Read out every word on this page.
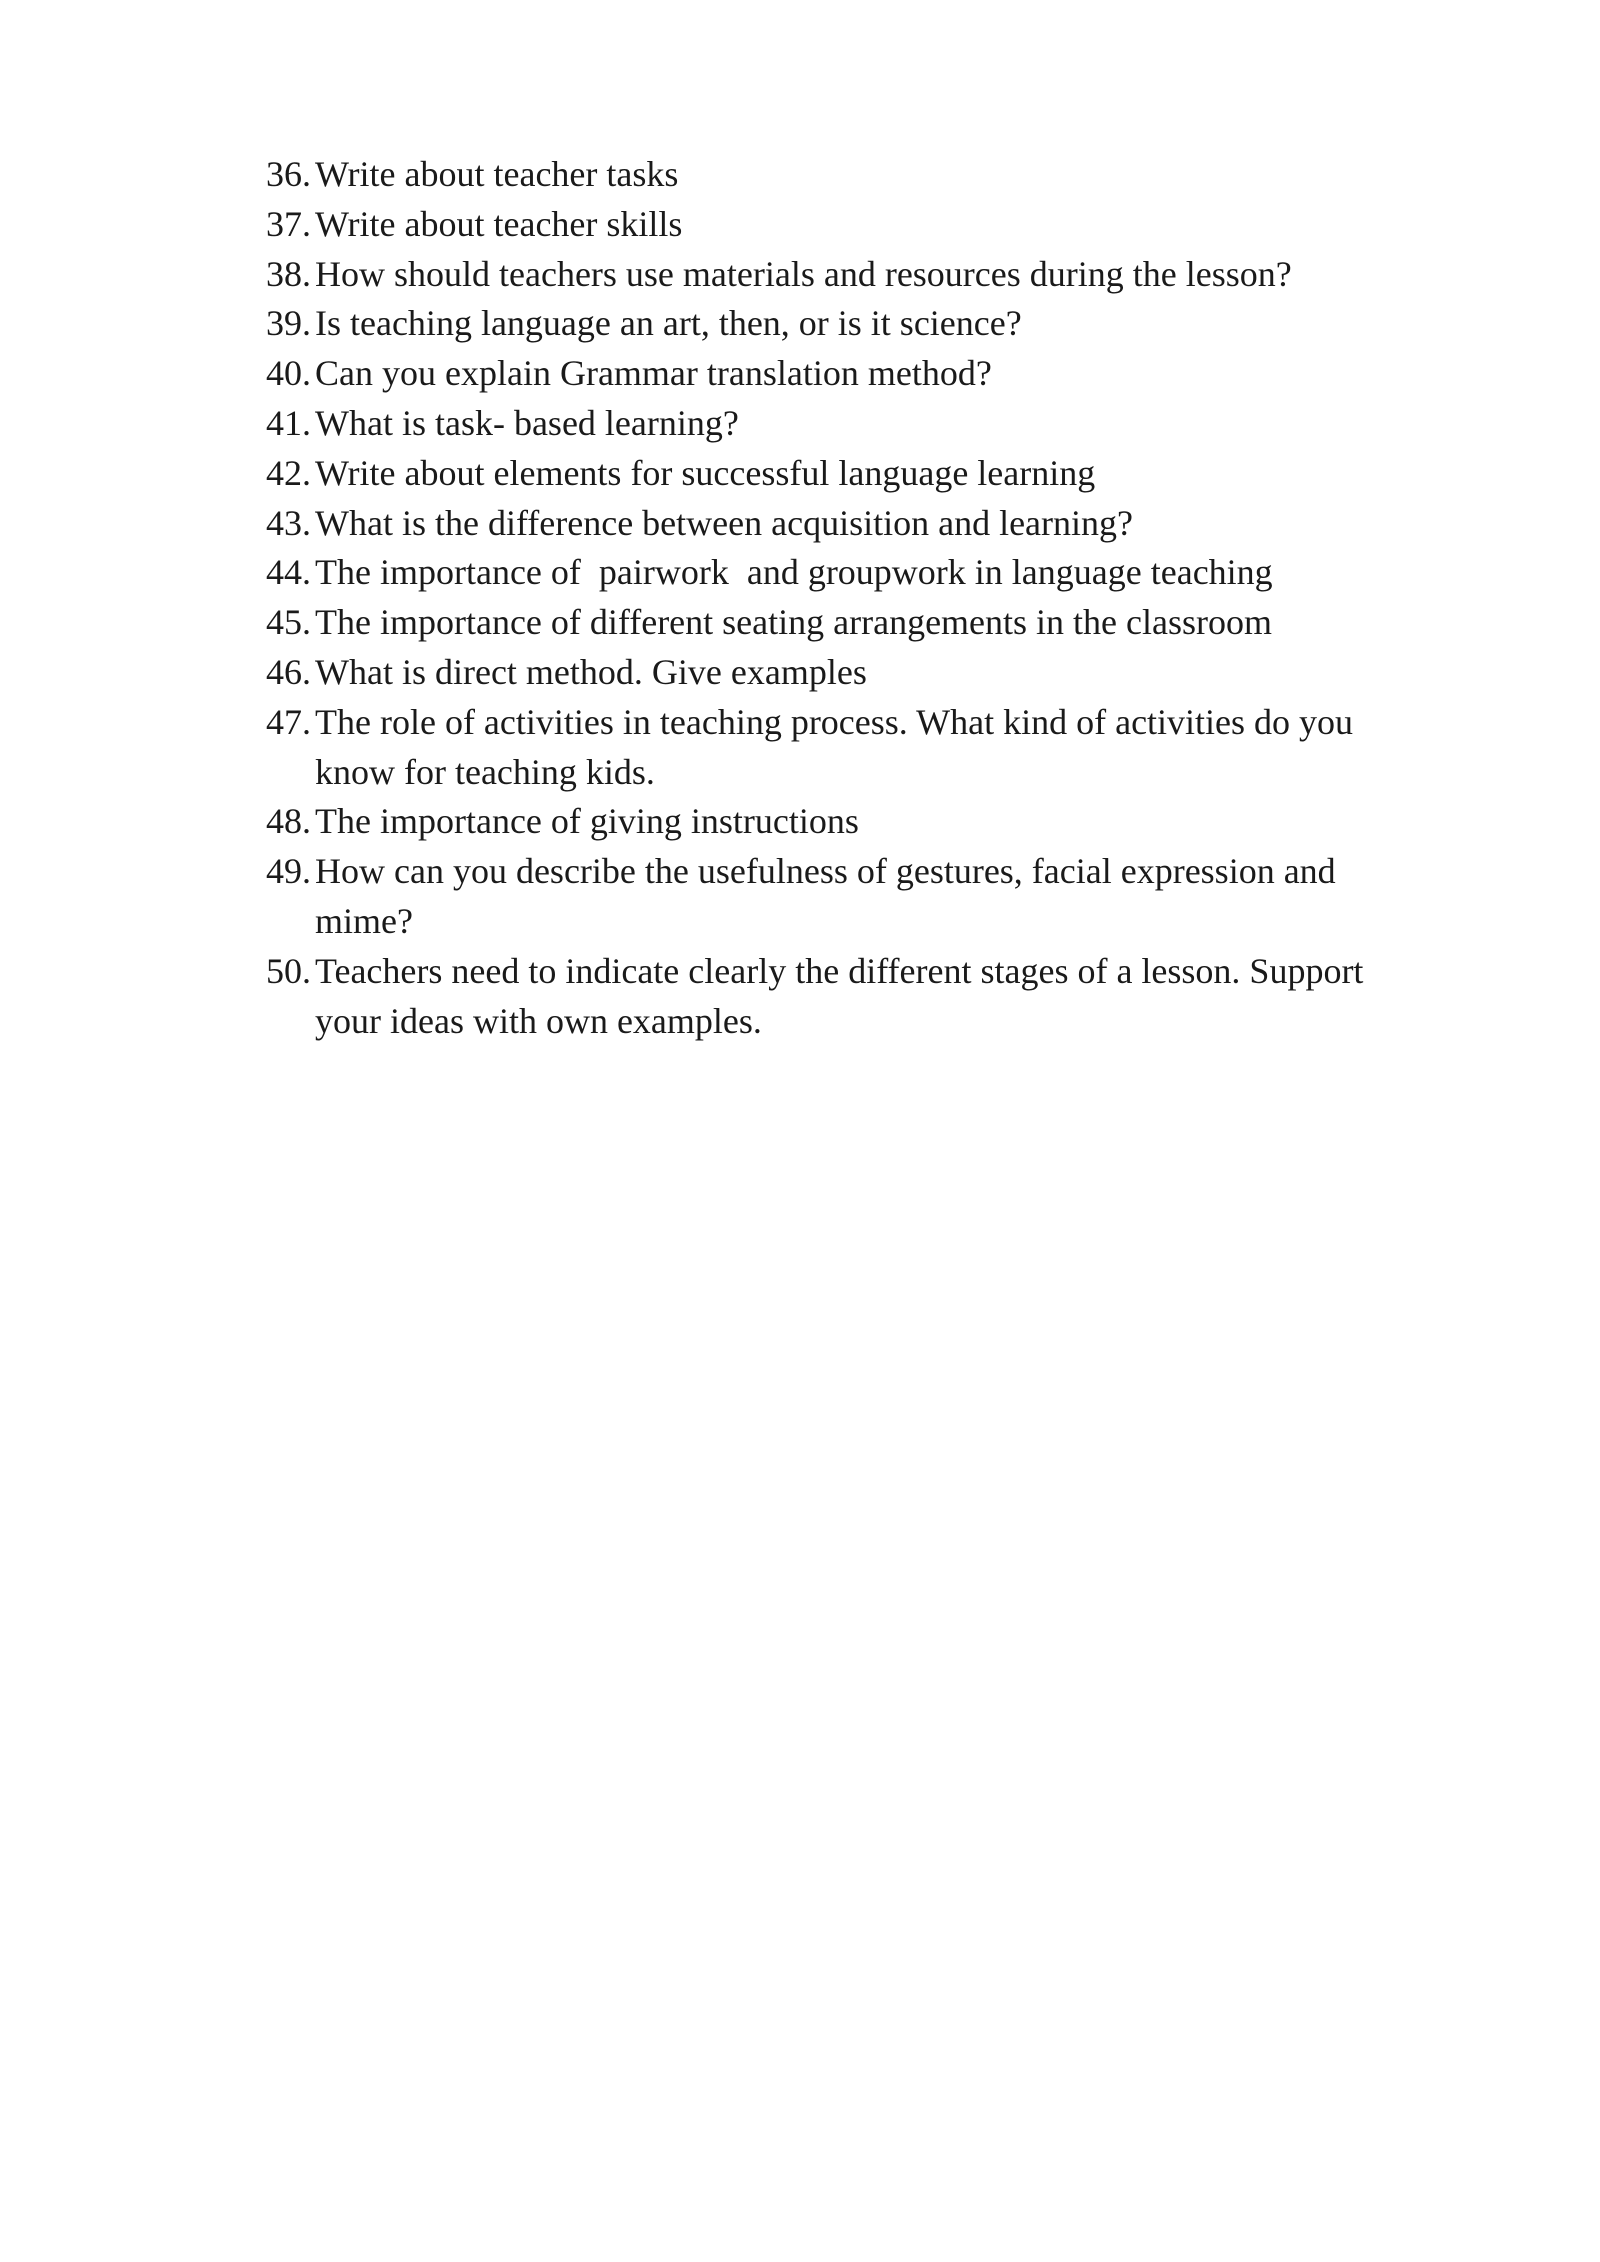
36. Write about teacher tasks
37. Write about teacher skills
38. How should teachers use materials and resources during the lesson?
39. Is teaching language an art, then, or is it science?
40. Can you explain Grammar translation method?
41. What is task- based learning?
42. Write about elements for successful language learning
43. What is the difference between acquisition and learning?
44. The importance of  pairwork  and groupwork in language teaching
45. The importance of different seating arrangements in the classroom
46. What is direct method. Give examples
47. The role of activities in teaching process. What kind of activities do you
know for teaching kids.
48. The importance of giving instructions
49. How can you describe the usefulness of gestures, facial expression and
mime?
50. Teachers need to indicate clearly the different stages of a lesson. Support
your ideas with own examples.
